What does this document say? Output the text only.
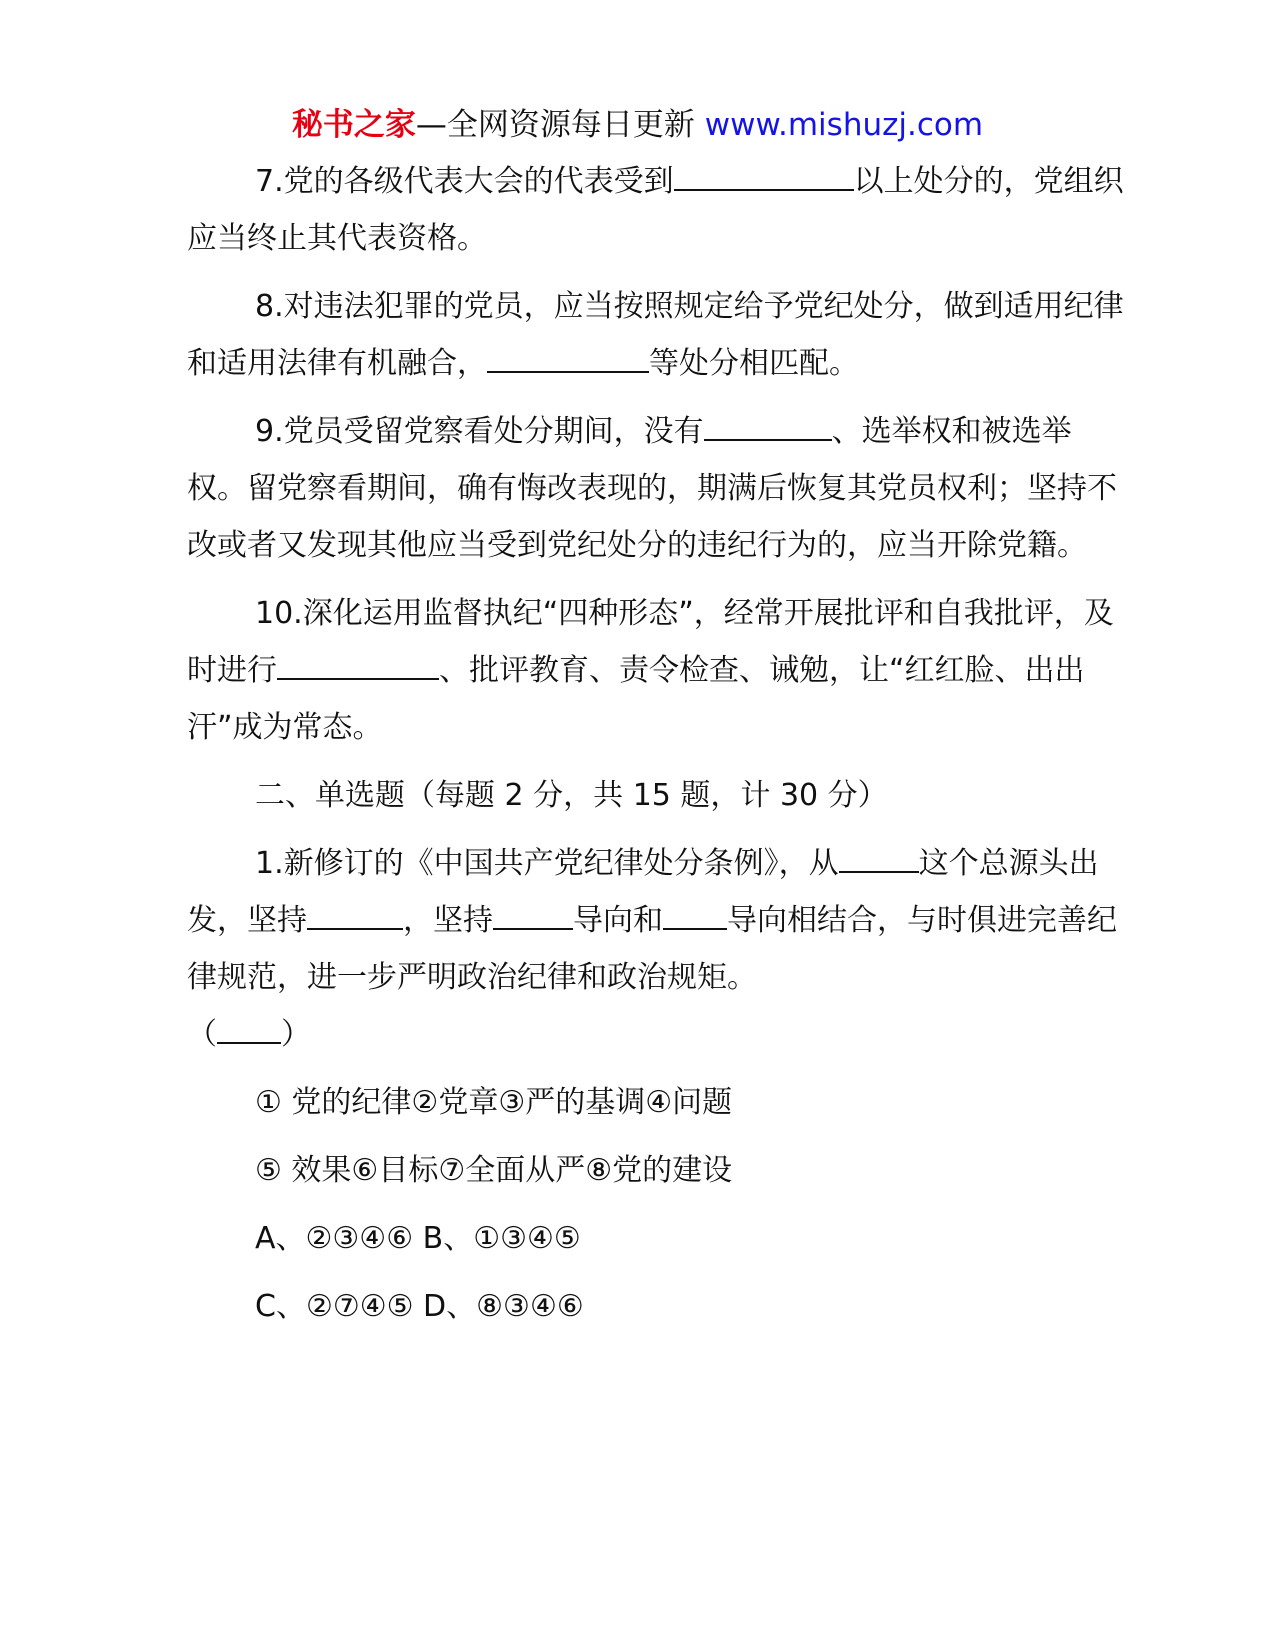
秘书之家—全网资源每日更新 www.mishuzj.com

7.党的各级代表大会的代表受到	以上处分的，党组织应当终止其代表资格。

8.对违法犯罪的党员，应当按照规定给予党纪处分，做到适用纪律和适用法律有机融合，	等处分相匹配。

9.党员受留党察看处分期间，没有	、选举权和被选举权。留党察看期间，确有悔改表现的，期满后恢复其党员权利；坚持不改或者又发现其他应当受到党纪处分的违纪行为的，应当开除党籍。

10.深化运用监督执纪“四种形态”，经常开展批评和自我批评，及时进行	、批评教育、责令检查、诫勉，让“红红脸、出出汗”成为常态。

二、单选题（每题 2 分，共 15 题，计 30 分）

1.新修订的《中国共产党纪律处分条例》，从	这个总源头出发，坚持	，坚持	导向和 导向相结合，与时俱进完善纪律规范，进一步严明政治纪律和政治规矩。
（ ）

① 党的纪律②党章③严的基调④问题

⑤ 效果⑥目标⑦全面从严⑧党的建设

A、②③④⑥ B、①③④⑤

C、②⑦④⑤ D、⑧③④⑥
